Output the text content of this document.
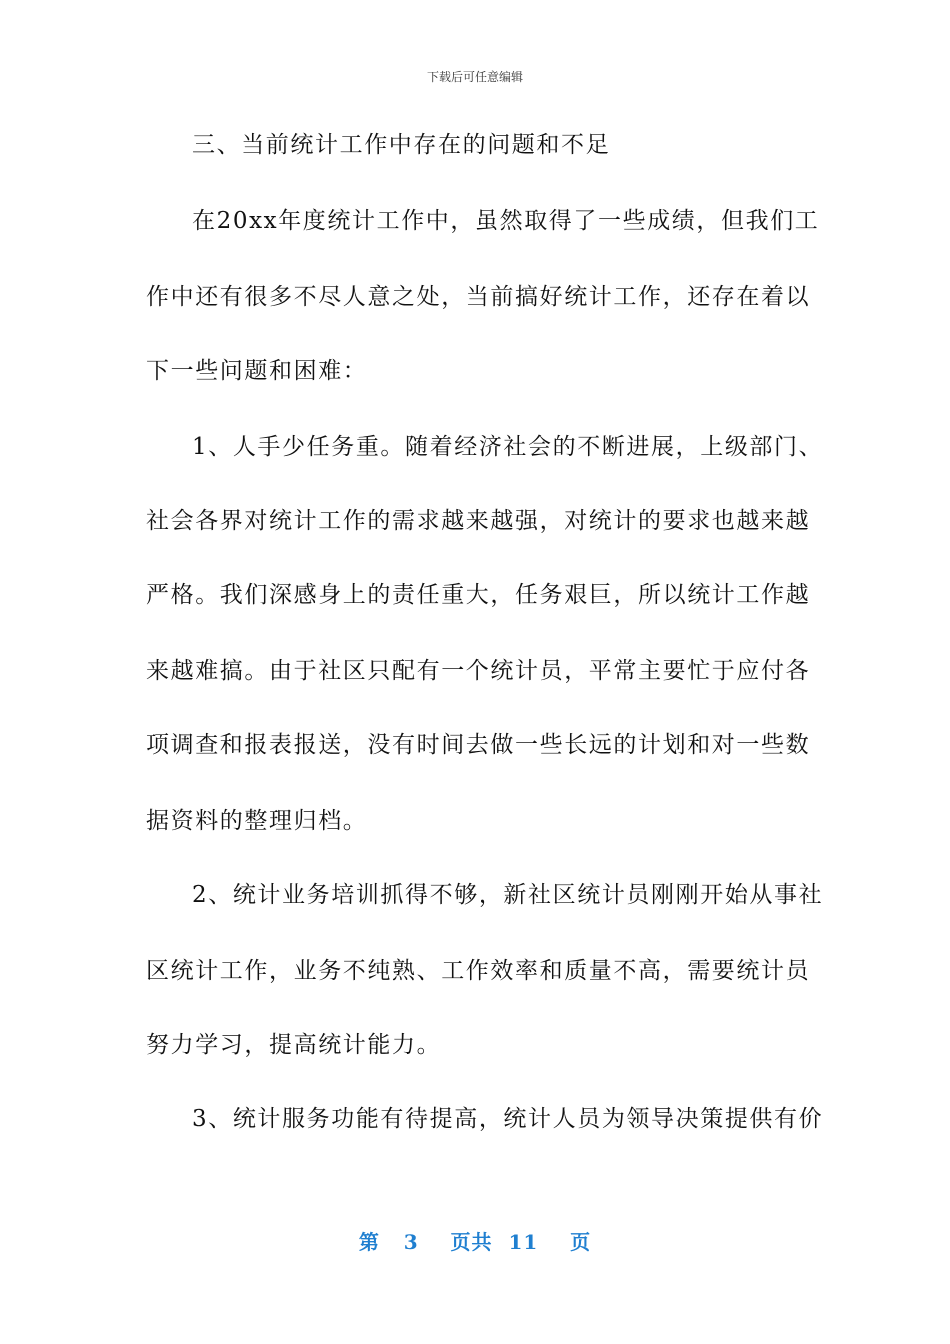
下载后可任意编辑
三、当前统计工作中存在的问题和不足
在20xx年度统计工作中，虽然取得了一些成绩，但我们工
作中还有很多不尽人意之处，当前搞好统计工作，还存在着以
下一些问题和困难：
1、人手少任务重。随着经济社会的不断进展，上级部门、
社会各界对统计工作的需求越来越强，对统计的要求也越来越
严格。我们深感身上的责任重大，任务艰巨，所以统计工作越
来越难搞。由于社区只配有一个统计员，平常主要忙于应付各
项调查和报表报送，没有时间去做一些长远的计划和对一些数
据资料的整理归档。
2、统计业务培训抓得不够，新社区统计员刚刚开始从事社
区统计工作，业务不纯熟、工作效率和质量不高，需要统计员
努力学习，提高统计能力。
3、统计服务功能有待提高，统计人员为领导决策提供有价
第 3 页共 11 页
